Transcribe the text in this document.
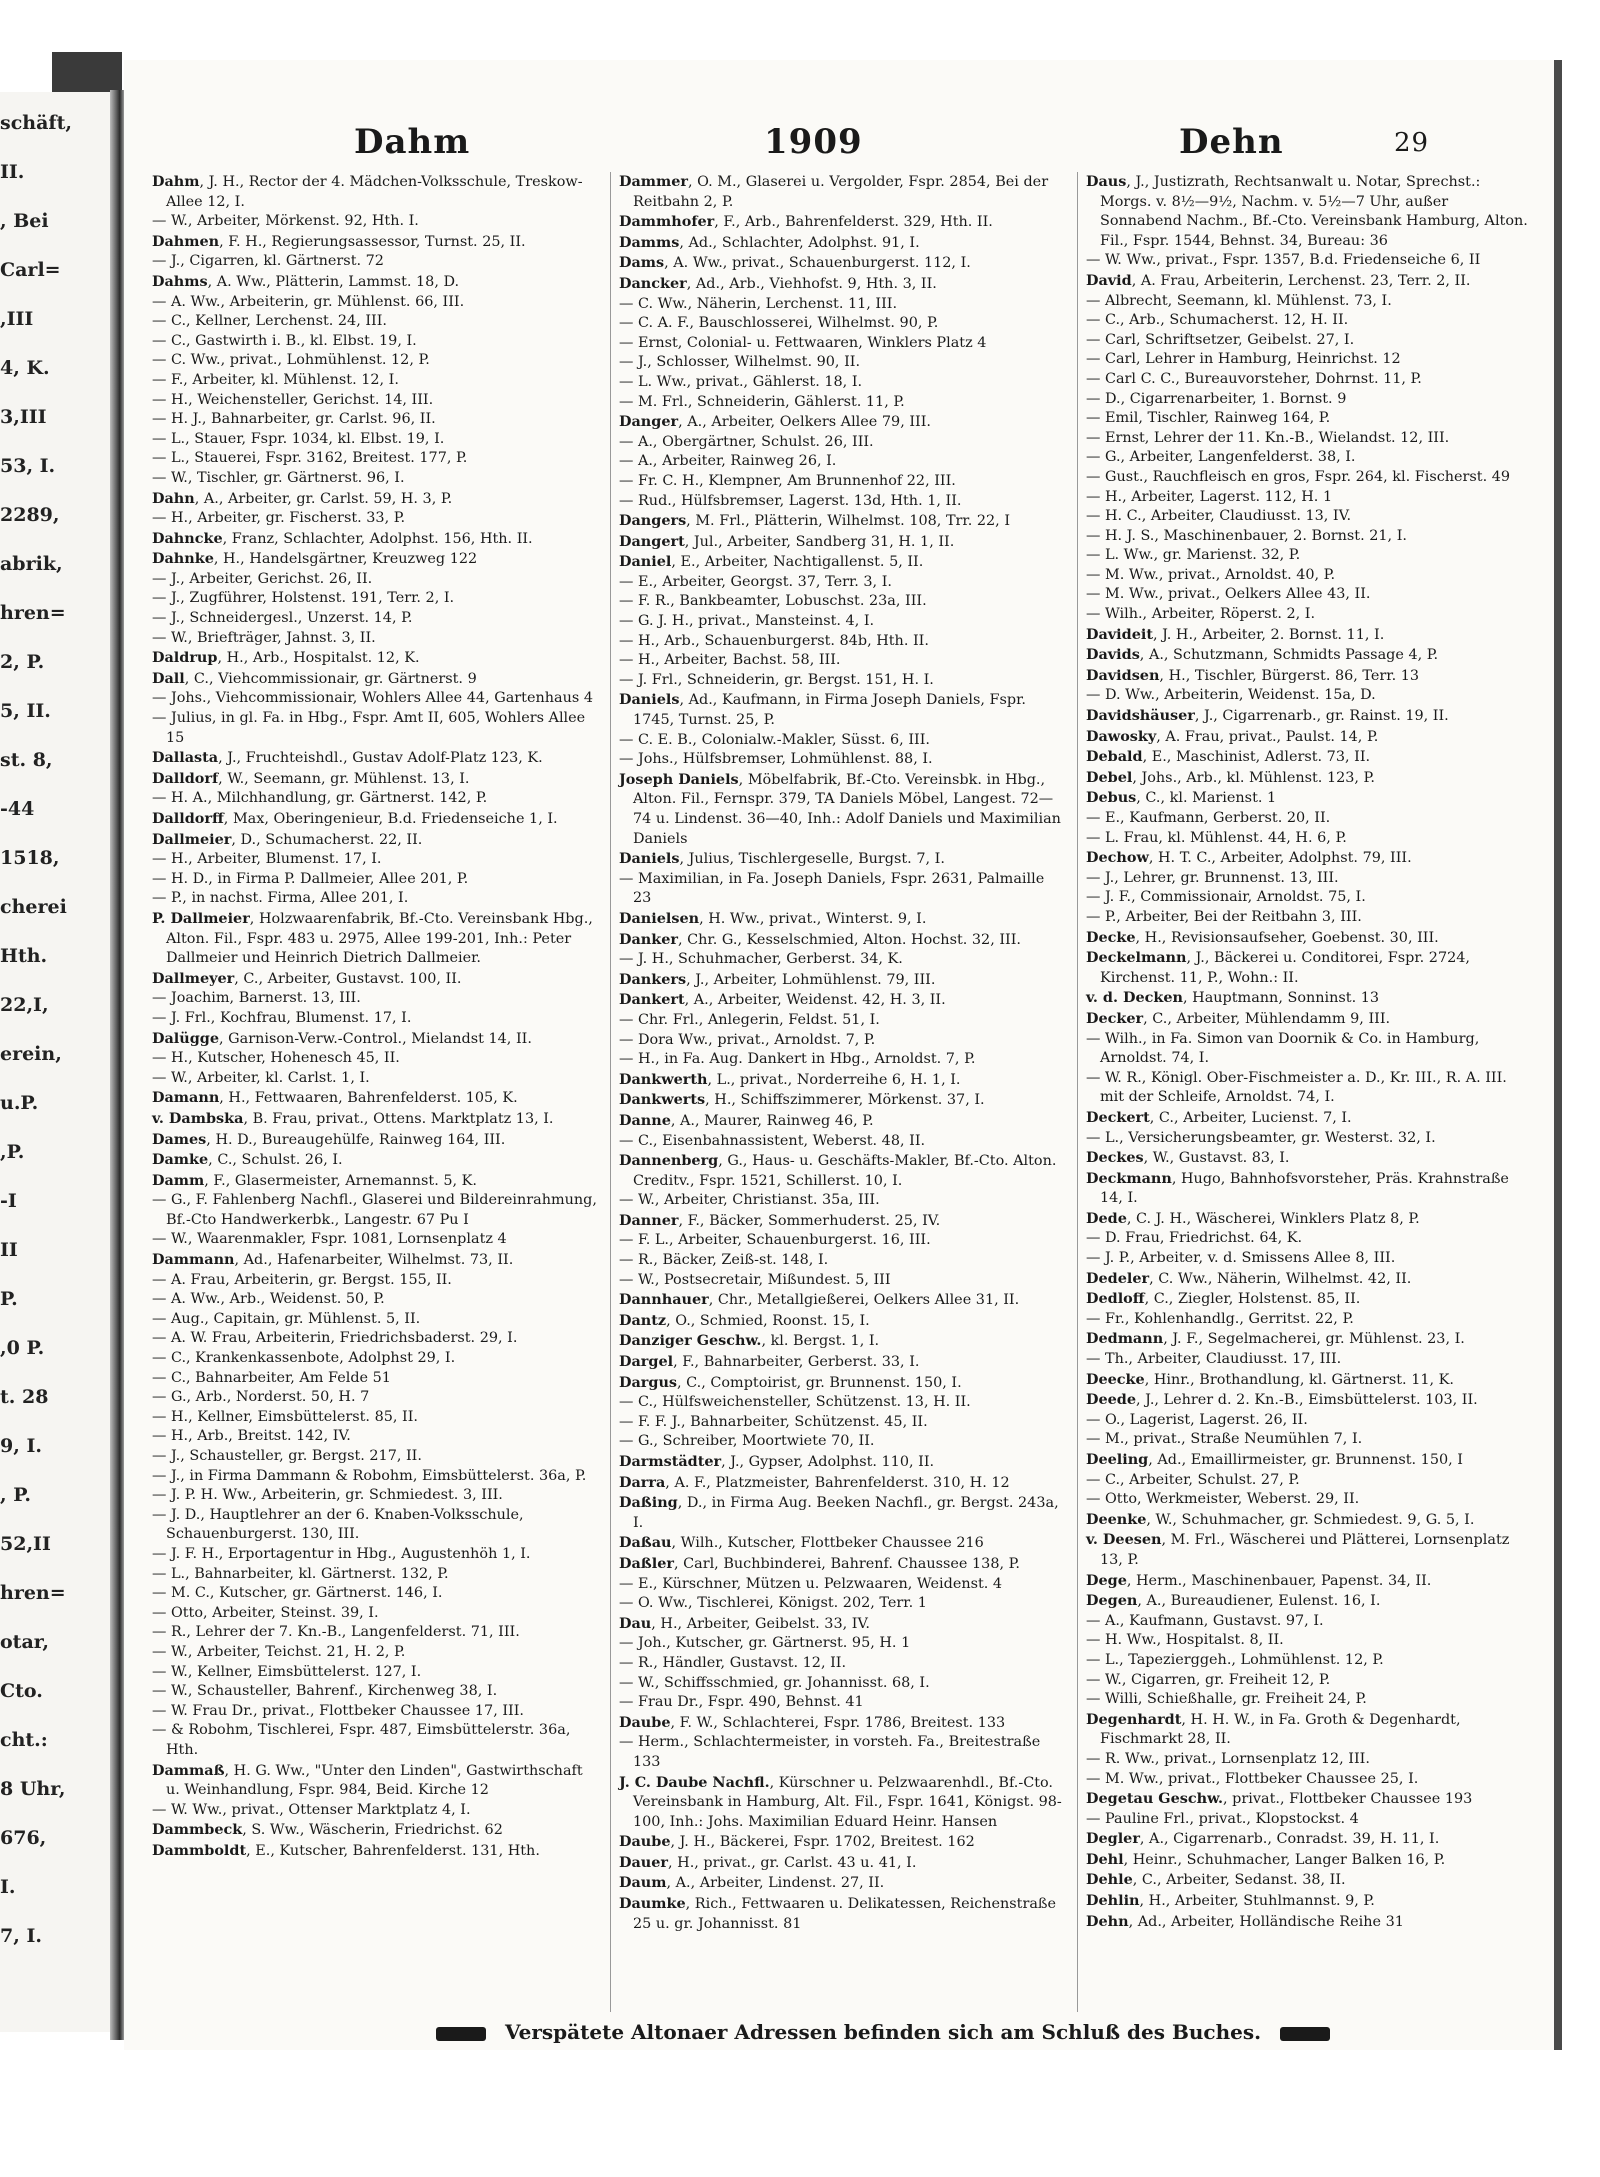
schäft,
II.
, Bei
Carl=
,III
4, K.
3,III
53, I.
2289,
abrik,
hren=
2, P.
5, II.
st. 8,
-44
1518,
cherei
Hth.
22,I,
erein,
u.P.
,P.
-I
II
P.
,0 P.
t. 28
9, I.
, P.
52,II
hren=
otar,
Cto.
cht.:
8 Uhr,
676,
I.
7, I.
Dahm	1909	Dehn	29

Dahm, J. H., Rector der 4. Mädchen-Volksschule, Treskow-Allee 12, I.

— W., Arbeiter, Mörkenst. 92, Hth. I.

Dahmen, F. H., Regierungsassessor, Turnst. 25, II.

— J., Cigarren, kl. Gärtnerst. 72

Dahms, A. Ww., Plätterin, Lammst. 18, D.

— A. Ww., Arbeiterin, gr. Mühlenst. 66, III.

— C., Kellner, Lerchenst. 24, III.

— C., Gastwirth i. B., kl. Elbst. 19, I.

— C. Ww., privat., Lohmühlenst. 12, P.

— F., Arbeiter, kl. Mühlenst. 12, I.

— H., Weichensteller, Gerichst. 14, III.

— H. J., Bahnarbeiter, gr. Carlst. 96, II.

— L., Stauer, Fspr. 1034, kl. Elbst. 19, I.

— L., Stauerei, Fspr. 3162, Breitest. 177, P.

— W., Tischler, gr. Gärtnerst. 96, I.

Dahn, A., Arbeiter, gr. Carlst. 59, H. 3, P.

— H., Arbeiter, gr. Fischerst. 33, P.

Dahncke, Franz, Schlachter, Adolphst. 156, Hth. II.

Dahnke, H., Handelsgärtner, Kreuzweg 122

— J., Arbeiter, Gerichst. 26, II.

— J., Zugführer, Holstenst. 191, Terr. 2, I.

— J., Schneidergesl., Unzerst. 14, P.

— W., Briefträger, Jahnst. 3, II.

Daldrup, H., Arb., Hospitalst. 12, K.

Dall, C., Viehcommissionair, gr. Gärtnerst. 9

— Johs., Viehcommissionair, Wohlers Allee 44, Gartenhaus 4

— Julius, in gl. Fa. in Hbg., Fspr. Amt II, 605, Wohlers Allee 15

Dallasta, J., Fruchteishdl., Gustav Adolf-Platz 123, K.

Dalldorf, W., Seemann, gr. Mühlenst. 13, I.

— H. A., Milchhandlung, gr. Gärtnerst. 142, P.

Dalldorff, Max, Oberingenieur, B.d. Friedenseiche 1, I.

Dallmeier, D., Schumacherst. 22, II.

— H., Arbeiter, Blumenst. 17, I.

— H. D., in Firma P. Dallmeier, Allee 201, P.

— P., in nachst. Firma, Allee 201, I.

P. Dallmeier, Holzwaarenfabrik, Bf.-Cto. Vereinsbank Hbg., Alton. Fil., Fspr. 483 u. 2975, Allee 199-201, Inh.: Peter Dallmeier und Heinrich Dietrich Dallmeier.

Dallmeyer, C., Arbeiter, Gustavst. 100, II.

— Joachim, Barnerst. 13, III.

— J. Frl., Kochfrau, Blumenst. 17, I.

Dalügge, Garnison-Verw.-Control., Mielandst 14, II.

— H., Kutscher, Hohenesch 45, II.

— W., Arbeiter, kl. Carlst. 1, I.

Damann, H., Fettwaaren, Bahrenfelderst. 105, K.

v. Dambska, B. Frau, privat., Ottens. Marktplatz 13, I.

Dames, H. D., Bureaugehülfe, Rainweg 164, III.

Damke, C., Schulst. 26, I.

Damm, F., Glasermeister, Arnemannst. 5, K.

— G., F. Fahlenberg Nachfl., Glaserei und Bildereinrahmung, Bf.-Cto Handwerkerbk., Langestr. 67 Pu I

— W., Waarenmakler, Fspr. 1081, Lornsenplatz 4

Dammann, Ad., Hafenarbeiter, Wilhelmst. 73, II.

— A. Frau, Arbeiterin, gr. Bergst. 155, II.

— A. Ww., Arb., Weidenst. 50, P.

— Aug., Capitain, gr. Mühlenst. 5, II.

— A. W. Frau, Arbeiterin, Friedrichsbaderst. 29, I.

— C., Krankenkassenbote, Adolphst 29, I.

— C., Bahnarbeiter, Am Felde 51

— G., Arb., Norderst. 50, H. 7

— H., Kellner, Eimsbüttelerst. 85, II.

— H., Arb., Breitst. 142, IV.

— J., Schausteller, gr. Bergst. 217, II.

— J., in Firma Dammann & Robohm, Eimsbüttelerst. 36a, P.

— J. P. H. Ww., Arbeiterin, gr. Schmiedest. 3, III.

— J. D., Hauptlehrer an der 6. Knaben-Volksschule, Schauenburgerst. 130, III.

— J. F. H., Erportagentur in Hbg., Augustenhöh 1, I.

— L., Bahnarbeiter, kl. Gärtnerst. 132, P.

— M. C., Kutscher, gr. Gärtnerst. 146, I.

— Otto, Arbeiter, Steinst. 39, I.

— R., Lehrer der 7. Kn.-B., Langenfelderst. 71, III.

— W., Arbeiter, Teichst. 21, H. 2, P.

— W., Kellner, Eimsbüttelerst. 127, I.

— W., Schausteller, Bahrenf., Kirchenweg 38, I.

— W. Frau Dr., privat., Flottbeker Chaussee 17, III.

— & Robohm, Tischlerei, Fspr. 487, Eimsbüttelerstr. 36a, Hth.

Dammaß, H. G. Ww., "Unter den Linden", Gastwirthschaft u. Weinhandlung, Fspr. 984, Beid. Kirche 12

— W. Ww., privat., Ottenser Marktplatz 4, I.

Dammbeck, S. Ww., Wäscherin, Friedrichst. 62

Dammboldt, E., Kutscher, Bahrenfelderst. 131, Hth.

Dammer, O. M., Glaserei u. Vergolder, Fspr. 2854, Bei der Reitbahn 2, P.

Dammhofer, F., Arb., Bahrenfelderst. 329, Hth. II.

Damms, Ad., Schlachter, Adolphst. 91, I.

Dams, A. Ww., privat., Schauenburgerst. 112, I.

Dancker, Ad., Arb., Viehhofst. 9, Hth. 3, II.

— C. Ww., Näherin, Lerchenst. 11, III.

— C. A. F., Bauschlosserei, Wilhelmst. 90, P.

— Ernst, Colonial- u. Fettwaaren, Winklers Platz 4

— J., Schlosser, Wilhelmst. 90, II.

— L. Ww., privat., Gählerst. 18, I.

— M. Frl., Schneiderin, Gählerst. 11, P.

Danger, A., Arbeiter, Oelkers Allee 79, III.

— A., Obergärtner, Schulst. 26, III.

— A., Arbeiter, Rainweg 26, I.

— Fr. C. H., Klempner, Am Brunnenhof 22, III.

— Rud., Hülfsbremser, Lagerst. 13d, Hth. 1, II.

Dangers, M. Frl., Plätterin, Wilhelmst. 108, Trr. 22, I

Dangert, Jul., Arbeiter, Sandberg 31, H. 1, II.

Daniel, E., Arbeiter, Nachtigallenst. 5, II.

— E., Arbeiter, Georgst. 37, Terr. 3, I.

— F. R., Bankbeamter, Lobuschst. 23a, III.

— G. J. H., privat., Mansteinst. 4, I.

— H., Arb., Schauenburgerst. 84b, Hth. II.

— H., Arbeiter, Bachst. 58, III.

— J. Frl., Schneiderin, gr. Bergst. 151, H. I.

Daniels, Ad., Kaufmann, in Firma Joseph Daniels, Fspr. 1745, Turnst. 25, P.

— C. E. B., Colonialw.-Makler, Süsst. 6, III.

— Johs., Hülfsbremser, Lohmühlenst. 88, I.

Joseph Daniels, Möbelfabrik, Bf.-Cto. Vereinsbk. in Hbg., Alton. Fil., Fernspr. 379, TA Daniels Möbel, Langest. 72—74 u. Lindenst. 36—40, Inh.: Adolf Daniels und Maximilian Daniels

Daniels, Julius, Tischlergeselle, Burgst. 7, I.

— Maximilian, in Fa. Joseph Daniels, Fspr. 2631, Palmaille 23

Danielsen, H. Ww., privat., Winterst. 9, I.

Danker, Chr. G., Kesselschmied, Alton. Hochst. 32, III.

— J. H., Schuhmacher, Gerberst. 34, K.

Dankers, J., Arbeiter, Lohmühlenst. 79, III.

Dankert, A., Arbeiter, Weidenst. 42, H. 3, II.

— Chr. Frl., Anlegerin, Feldst. 51, I.

— Dora Ww., privat., Arnoldst. 7, P.

— H., in Fa. Aug. Dankert in Hbg., Arnoldst. 7, P.

Dankwerth, L., privat., Norderreihe 6, H. 1, I.

Dankwerts, H., Schiffszimmerer, Mörkenst. 37, I.

Danne, A., Maurer, Rainweg 46, P.

— C., Eisenbahnassistent, Weberst. 48, II.

Dannenberg, G., Haus- u. Geschäfts-Makler, Bf.-Cto. Alton. Creditv., Fspr. 1521, Schillerst. 10, I.

— W., Arbeiter, Christianst. 35a, III.

Danner, F., Bäcker, Sommerhuderst. 25, IV.

— F. L., Arbeiter, Schauenburgerst. 16, III.

— R., Bäcker, Zeiß-st. 148, I.

— W., Postsecretair, Mißundest. 5, III

Dannhauer, Chr., Metallgießerei, Oelkers Allee 31, II.

Dantz, O., Schmied, Roonst. 15, I.

Danziger Geschw., kl. Bergst. 1, I.

Dargel, F., Bahnarbeiter, Gerberst. 33, I.

Dargus, C., Comptoirist, gr. Brunnenst. 150, I.

— C., Hülfsweichensteller, Schützenst. 13, H. II.

— F. F. J., Bahnarbeiter, Schützenst. 45, II.

— G., Schreiber, Moortwiete 70, II.

Darmstädter, J., Gypser, Adolphst. 110, II.

Darra, A. F., Platzmeister, Bahrenfelderst. 310, H. 12

Daßing, D., in Firma Aug. Beeken Nachfl., gr. Bergst. 243a, I.

Daßau, Wilh., Kutscher, Flottbeker Chaussee 216

Daßler, Carl, Buchbinderei, Bahrenf. Chaussee 138, P.

— E., Kürschner, Mützen u. Pelzwaaren, Weidenst. 4

— O. Ww., Tischlerei, Königst. 202, Terr. 1

Dau, H., Arbeiter, Geibelst. 33, IV.

— Joh., Kutscher, gr. Gärtnerst. 95, H. 1

— R., Händler, Gustavst. 12, II.

— W., Schiffsschmied, gr. Johannisst. 68, I.

— Frau Dr., Fspr. 490, Behnst. 41

Daube, F. W., Schlachterei, Fspr. 1786, Breitest. 133

— Herm., Schlachtermeister, in vorsteh. Fa., Breitestraße 133

J. C. Daube Nachfl., Kürschner u. Pelzwaarenhdl., Bf.-Cto. Vereinsbank in Hamburg, Alt. Fil., Fspr. 1641, Königst. 98-100, Inh.: Johs. Maximilian Eduard Heinr. Hansen

Daube, J. H., Bäckerei, Fspr. 1702, Breitest. 162

Dauer, H., privat., gr. Carlst. 43 u. 41, I.

Daum, A., Arbeiter, Lindenst. 27, II.

Daumke, Rich., Fettwaaren u. Delikatessen, Reichenstraße 25 u. gr. Johannisst. 81

Daus, J., Justizrath, Rechtsanwalt u. Notar, Sprechst.: Morgs. v. 8½—9½, Nachm. v. 5½—7 Uhr, außer Sonnabend Nachm., Bf.-Cto. Vereinsbank Hamburg, Alton. Fil., Fspr. 1544, Behnst. 34, Bureau: 36

— W. Ww., privat., Fspr. 1357, B.d. Friedenseiche 6, II

David, A. Frau, Arbeiterin, Lerchenst. 23, Terr. 2, II.

— Albrecht, Seemann, kl. Mühlenst. 73, I.

— C., Arb., Schumacherst. 12, H. II.

— Carl, Schriftsetzer, Geibelst. 27, I.

— Carl, Lehrer in Hamburg, Heinrichst. 12

— Carl C. C., Bureauvorsteher, Dohrnst. 11, P.

— D., Cigarrenarbeiter, 1. Bornst. 9

— Emil, Tischler, Rainweg 164, P.

— Ernst, Lehrer der 11. Kn.-B., Wielandst. 12, III.

— G., Arbeiter, Langenfelderst. 38, I.

— Gust., Rauchfleisch en gros, Fspr. 264, kl. Fischerst. 49

— H., Arbeiter, Lagerst. 112, H. 1

— H. C., Arbeiter, Claudiusst. 13, IV.

— H. J. S., Maschinenbauer, 2. Bornst. 21, I.

— L. Ww., gr. Marienst. 32, P.

— M. Ww., privat., Arnoldst. 40, P.

— M. Ww., privat., Oelkers Allee 43, II.

— Wilh., Arbeiter, Röperst. 2, I.

Davideit, J. H., Arbeiter, 2. Bornst. 11, I.

Davids, A., Schutzmann, Schmidts Passage 4, P.

Davidsen, H., Tischler, Bürgerst. 86, Terr. 13

— D. Ww., Arbeiterin, Weidenst. 15a, D.

Davidshäuser, J., Cigarrenarb., gr. Rainst. 19, II.

Dawosky, A. Frau, privat., Paulst. 14, P.

Debald, E., Maschinist, Adlerst. 73, II.

Debel, Johs., Arb., kl. Mühlenst. 123, P.

Debus, C., kl. Marienst. 1

— E., Kaufmann, Gerberst. 20, II.

— L. Frau, kl. Mühlenst. 44, H. 6, P.

Dechow, H. T. C., Arbeiter, Adolphst. 79, III.

— J., Lehrer, gr. Brunnenst. 13, III.

— J. F., Commissionair, Arnoldst. 75, I.

— P., Arbeiter, Bei der Reitbahn 3, III.

Decke, H., Revisionsaufseher, Goebenst. 30, III.

Deckelmann, J., Bäckerei u. Conditorei, Fspr. 2724, Kirchenst. 11, P., Wohn.: II.

v. d. Decken, Hauptmann, Sonninst. 13

Decker, C., Arbeiter, Mühlendamm 9, III.

— Wilh., in Fa. Simon van Doornik & Co. in Hamburg, Arnoldst. 74, I.

— W. R., Königl. Ober-Fischmeister a. D., Kr. III., R. A. III. mit der Schleife, Arnoldst. 74, I.

Deckert, C., Arbeiter, Lucienst. 7, I.

— L., Versicherungsbeamter, gr. Westerst. 32, I.

Deckes, W., Gustavst. 83, I.

Deckmann, Hugo, Bahnhofsvorsteher, Präs. Krahnstraße 14, I.

Dede, C. J. H., Wäscherei, Winklers Platz 8, P.

— D. Frau, Friedrichst. 64, K.

— J. P., Arbeiter, v. d. Smissens Allee 8, III.

Dedeler, C. Ww., Näherin, Wilhelmst. 42, II.

Dedloff, C., Ziegler, Holstenst. 85, II.

— Fr., Kohlenhandlg., Gerritst. 22, P.

Dedmann, J. F., Segelmacherei, gr. Mühlenst. 23, I.

— Th., Arbeiter, Claudiusst. 17, III.

Deecke, Hinr., Brothandlung, kl. Gärtnerst. 11, K.

Deede, J., Lehrer d. 2. Kn.-B., Eimsbüttelerst. 103, II.

— O., Lagerist, Lagerst. 26, II.

— M., privat., Straße Neumühlen 7, I.

Deeling, Ad., Emaillirmeister, gr. Brunnenst. 150, I

— C., Arbeiter, Schulst. 27, P.

— Otto, Werkmeister, Weberst. 29, II.

Deenke, W., Schuhmacher, gr. Schmiedest. 9, G. 5, I.

v. Deesen, M. Frl., Wäscherei und Plätterei, Lornsenplatz 13, P.

Dege, Herm., Maschinenbauer, Papenst. 34, II.

Degen, A., Bureaudiener, Eulenst. 16, I.

— A., Kaufmann, Gustavst. 97, I.

— H. Ww., Hospitalst. 8, II.

— L., Tapezierggeh., Lohmühlenst. 12, P.

— W., Cigarren, gr. Freiheit 12, P.

— Willi, Schießhalle, gr. Freiheit 24, P.

Degenhardt, H. H. W., in Fa. Groth & Degenhardt, Fischmarkt 28, II.

— R. Ww., privat., Lornsenplatz 12, III.

— M. Ww., privat., Flottbeker Chaussee 25, I.

Degetau Geschw., privat., Flottbeker Chaussee 193

— Pauline Frl., privat., Klopstockst. 4

Degler, A., Cigarrenarb., Conradst. 39, H. 11, I.

Dehl, Heinr., Schuhmacher, Langer Balken 16, P.

Dehle, C., Arbeiter, Sedanst. 38, II.

Dehlin, H., Arbeiter, Stuhlmannst. 9, P.

Dehn, Ad., Arbeiter, Holländische Reihe 31

Verspätete Altonaer Adressen befinden sich am Schluß des Buches.
